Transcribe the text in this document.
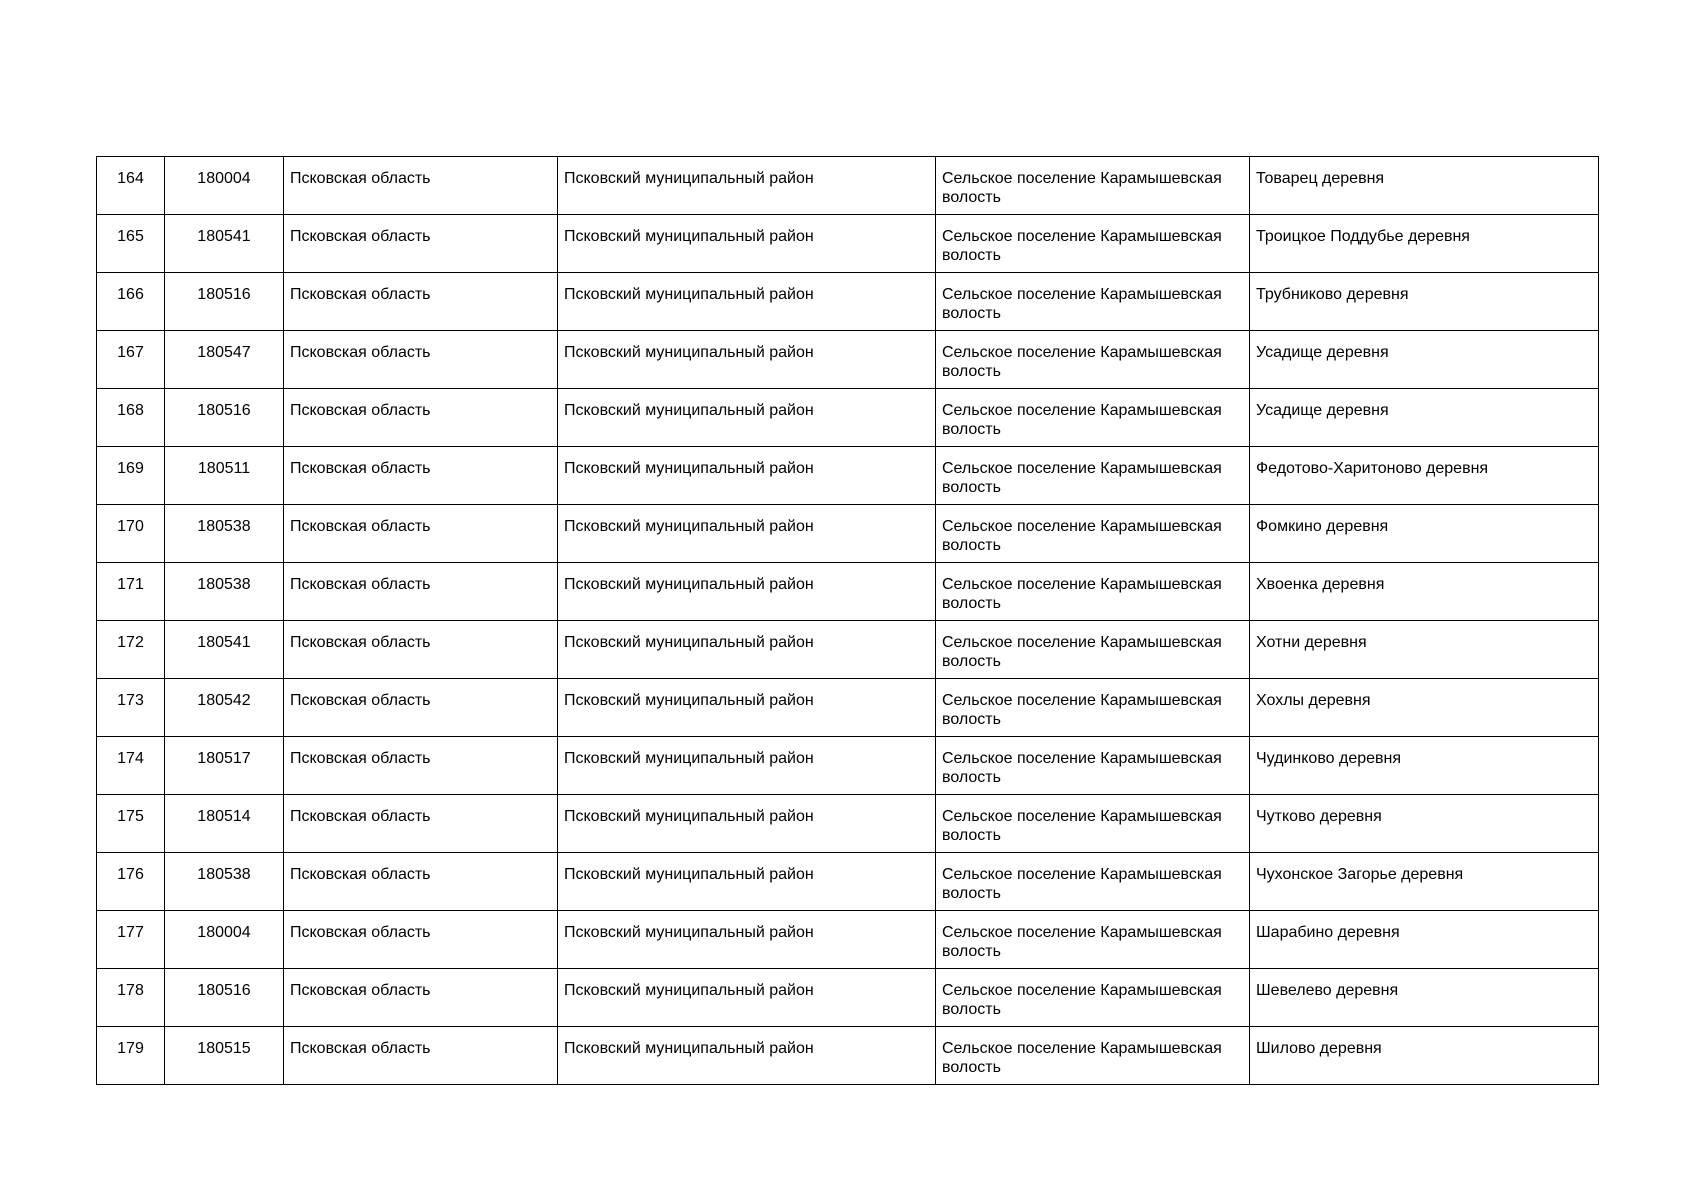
164	180004	Псковская область	Псковский муниципальный район	Сельское поселение Карамышевская волость	Товарец деревня
165	180541	Псковская область	Псковский муниципальный район	Сельское поселение Карамышевская волость	Троицкое Поддубье деревня
166	180516	Псковская область	Псковский муниципальный район	Сельское поселение Карамышевская волость	Трубниково деревня
167	180547	Псковская область	Псковский муниципальный район	Сельское поселение Карамышевская волость	Усадище деревня
168	180516	Псковская область	Псковский муниципальный район	Сельское поселение Карамышевская волость	Усадище деревня
169	180511	Псковская область	Псковский муниципальный район	Сельское поселение Карамышевская волость	Федотово-Харитоново деревня
170	180538	Псковская область	Псковский муниципальный район	Сельское поселение Карамышевская волость	Фомкино деревня
171	180538	Псковская область	Псковский муниципальный район	Сельское поселение Карамышевская волость	Хвоенка деревня
172	180541	Псковская область	Псковский муниципальный район	Сельское поселение Карамышевская волость	Хотни деревня
173	180542	Псковская область	Псковский муниципальный район	Сельское поселение Карамышевская волость	Хохлы деревня
174	180517	Псковская область	Псковский муниципальный район	Сельское поселение Карамышевская волость	Чудинково деревня
175	180514	Псковская область	Псковский муниципальный район	Сельское поселение Карамышевская волость	Чутково деревня
176	180538	Псковская область	Псковский муниципальный район	Сельское поселение Карамышевская волость	Чухонское Загорье деревня
177	180004	Псковская область	Псковский муниципальный район	Сельское поселение Карамышевская волость	Шарабино деревня
178	180516	Псковская область	Псковский муниципальный район	Сельское поселение Карамышевская волость	Шевелево деревня
179	180515	Псковская область	Псковский муниципальный район	Сельское поселение Карамышевская волость	Шилово деревня
